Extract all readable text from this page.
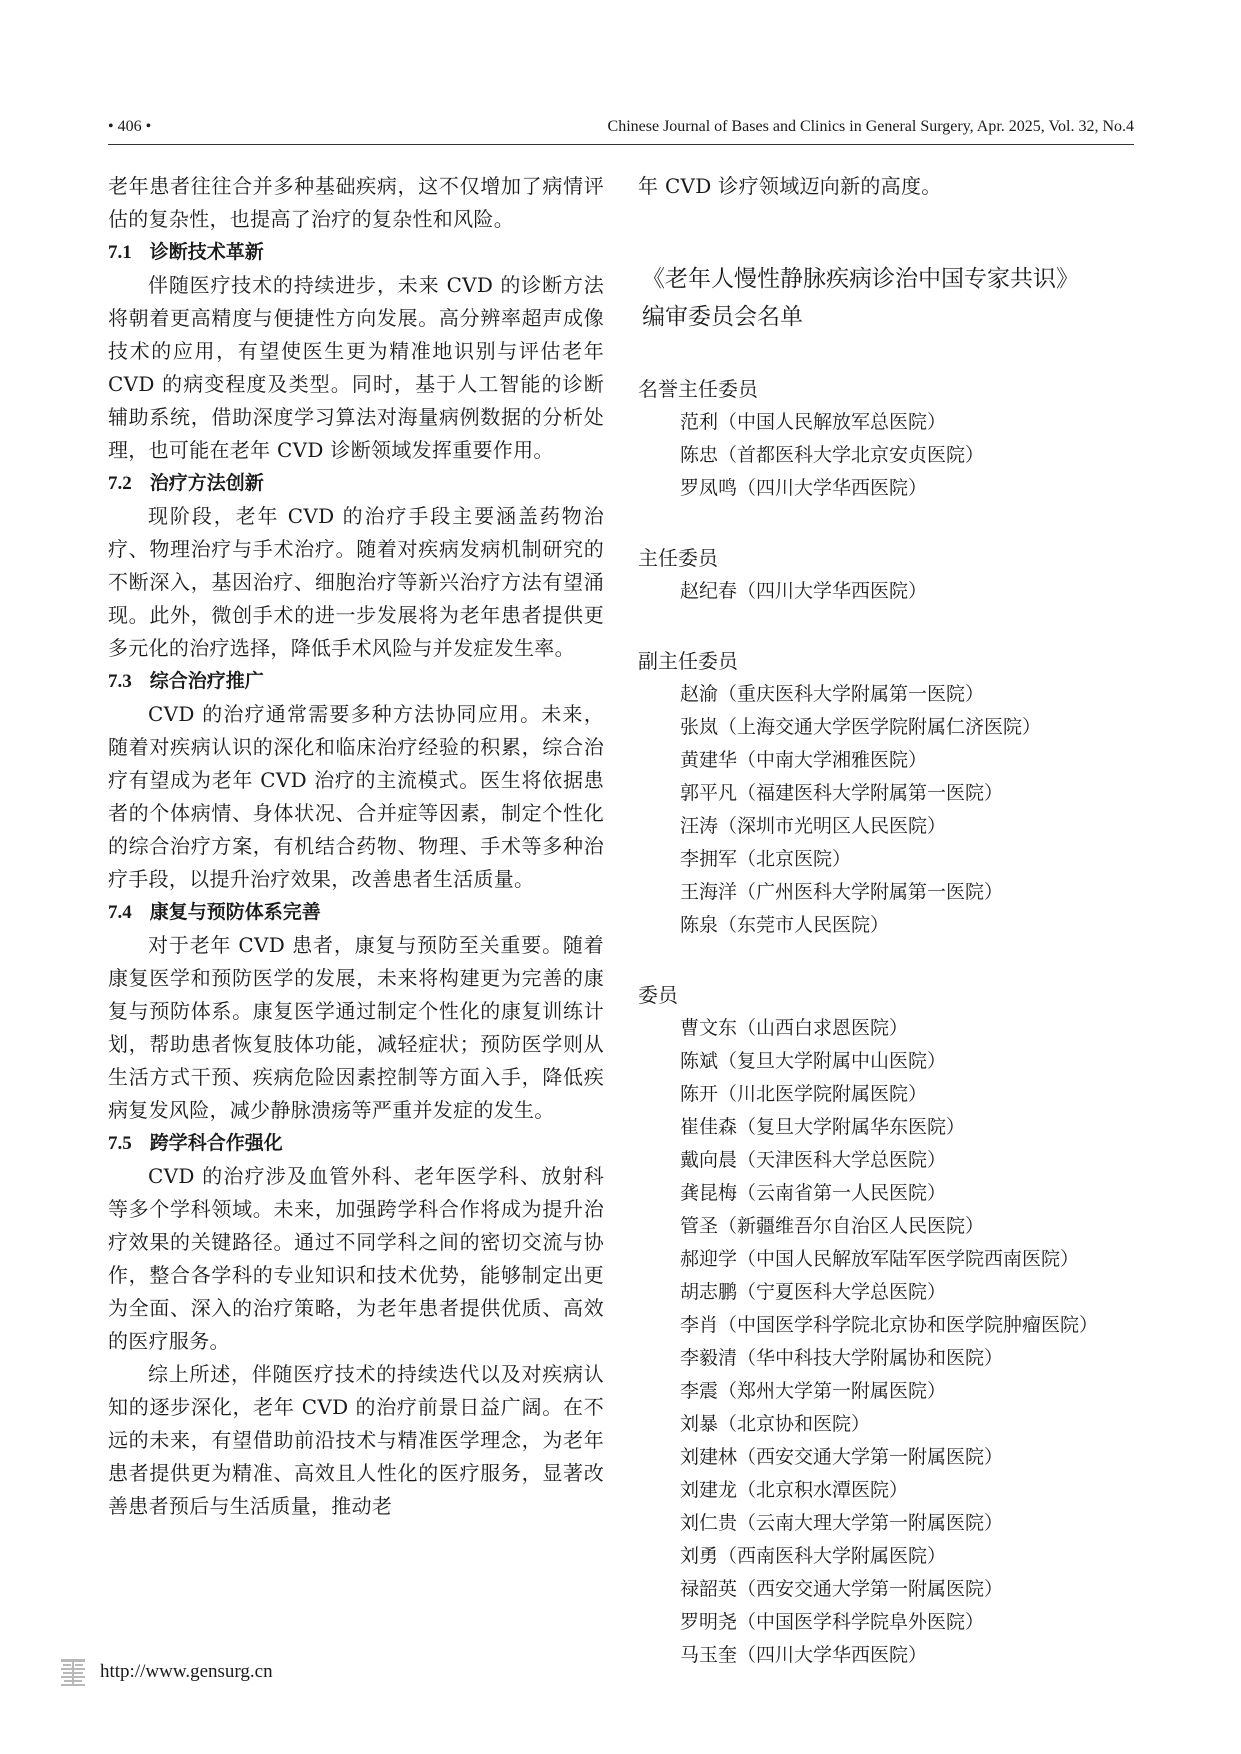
• 406 •	Chinese Journal of Bases and Clinics in General Surgery, Apr. 2025, Vol. 32, No.4

老年患者往往合并多种基础疾病，这不仅增加了病情评估的复杂性，也提高了治疗的复杂性和风险。

7.1 诊断技术革新

伴随医疗技术的持续进步，未来 CVD 的诊断方法将朝着更高精度与便捷性方向发展。高分辨率超声成像技术的应用，有望使医生更为精准地识别与评估老年 CVD 的病变程度及类型。同时，基于人工智能的诊断辅助系统，借助深度学习算法对海量病例数据的分析处理，也可能在老年 CVD 诊断领域发挥重要作用。

7.2 治疗方法创新

现阶段，老年 CVD 的治疗手段主要涵盖药物治疗、物理治疗与手术治疗。随着对疾病发病机制研究的不断深入，基因治疗、细胞治疗等新兴治疗方法有望涌现。此外，微创手术的进一步发展将为老年患者提供更多元化的治疗选择，降低手术风险与并发症发生率。

7.3 综合治疗推广

CVD 的治疗通常需要多种方法协同应用。未来，随着对疾病认识的深化和临床治疗经验的积累，综合治疗有望成为老年 CVD 治疗的主流模式。医生将依据患者的个体病情、身体状况、合并症等因素，制定个性化的综合治疗方案，有机结合药物、物理、手术等多种治疗手段，以提升治疗效果，改善患者生活质量。

7.4 康复与预防体系完善

对于老年 CVD 患者，康复与预防至关重要。随着康复医学和预防医学的发展，未来将构建更为完善的康复与预防体系。康复医学通过制定个性化的康复训练计划，帮助患者恢复肢体功能，减轻症状；预防医学则从生活方式干预、疾病危险因素控制等方面入手，降低疾病复发风险，减少静脉溃疡等严重并发症的发生。

7.5 跨学科合作强化

CVD 的治疗涉及血管外科、老年医学科、放射科等多个学科领域。未来，加强跨学科合作将成为提升治疗效果的关键路径。通过不同学科之间的密切交流与协作，整合各学科的专业知识和技术优势，能够制定出更为全面、深入的治疗策略，为老年患者提供优质、高效的医疗服务。

综上所述，伴随医疗技术的持续迭代以及对疾病认知的逐步深化，老年 CVD 的治疗前景日益广阔。在不远的未来，有望借助前沿技术与精准医学理念，为老年患者提供更为精准、高效且人性化的医疗服务，显著改善患者预后与生活质量，推动老

年 CVD 诊疗领域迈向新的高度。

《老年人慢性静脉疾病诊治中国专家共识》
编审委员会名单

名誉主任委员

范利（中国人民解放军总医院）

陈忠（首都医科大学北京安贞医院）

罗凤鸣（四川大学华西医院）

主任委员

赵纪春（四川大学华西医院）

副主任委员

赵渝（重庆医科大学附属第一医院）

张岚（上海交通大学医学院附属仁济医院）

黄建华（中南大学湘雅医院）

郭平凡（福建医科大学附属第一医院）

汪涛（深圳市光明区人民医院）

李拥军（北京医院）

王海洋（广州医科大学附属第一医院）

陈泉（东莞市人民医院）

委员

曹文东（山西白求恩医院）

陈斌（复旦大学附属中山医院）

陈开（川北医学院附属医院）

崔佳森（复旦大学附属华东医院）

戴向晨（天津医科大学总医院）

龚昆梅（云南省第一人民医院）

管圣（新疆维吾尔自治区人民医院）

郝迎学（中国人民解放军陆军医学院西南医院）

胡志鹏（宁夏医科大学总医院）

李肖（中国医学科学院北京协和医学院肿瘤医院）

李毅清（华中科技大学附属协和医院）

李震（郑州大学第一附属医院）

刘暴（北京协和医院）

刘建林（西安交通大学第一附属医院）

刘建龙（北京积水潭医院）

刘仁贵（云南大理大学第一附属医院）

刘勇（西南医科大学附属医院）

禄韶英（西安交通大学第一附属医院）

罗明尧（中国医学科学院阜外医院）

马玉奎（四川大学华西医院）

http://www.gensurg.cn
